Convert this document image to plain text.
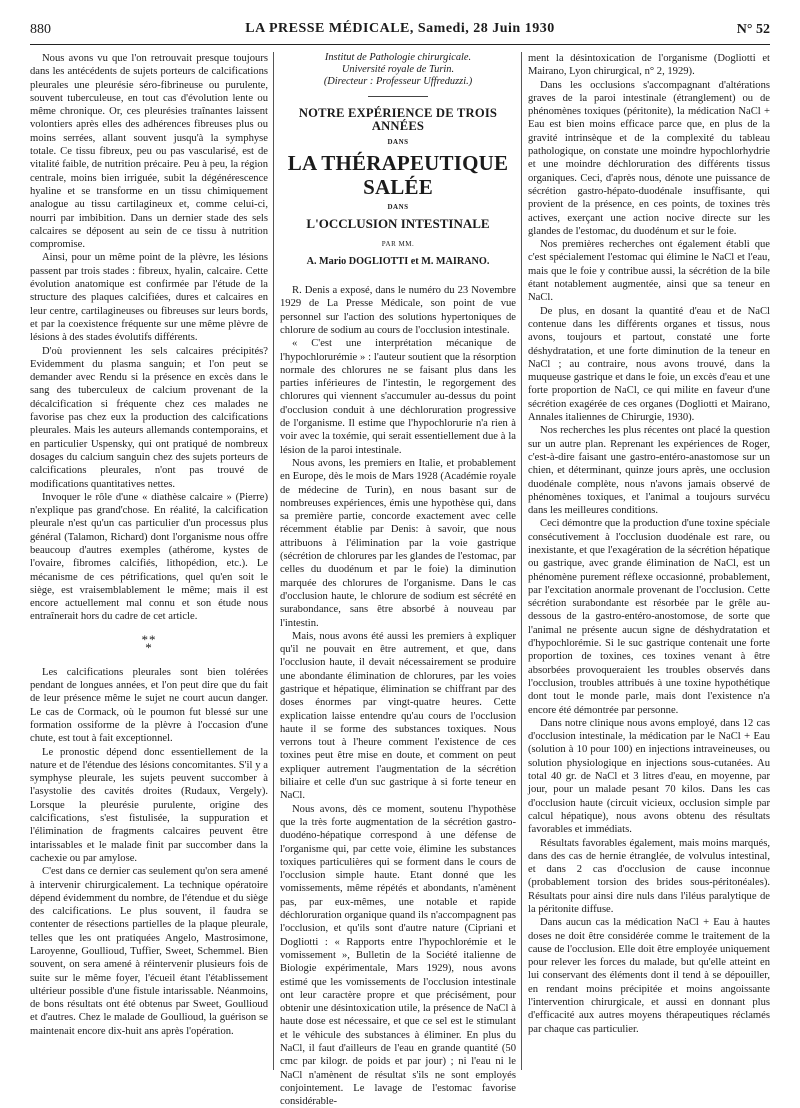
880	LA PRESSE MÉDICALE, Samedi, 28 Juin 1930	N° 52

Nous avons vu que l'on retrouvait presque toujours dans les antécédents de sujets porteurs de calcifications pleurales une pleurésie séro-fibrineuse ou purulente, souvent tuberculeuse, en tout cas d'évolution lente ou même chronique. Or, ces pleurésies traînantes laissent volontiers après elles des adhérences fibreuses plus ou moins serrées, allant souvent jusqu'à la symphyse totale. Ce tissu fibreux, peu ou pas vascularisé, est de vitalité faible, de nutrition précaire. Peu à peu, la région centrale, moins bien irriguée, subit la dégénérescence hyaline et se transforme en un tissu chimiquement analogue au tissu cartilagineux et, comme celui-ci, nourri par imbibition. Dans un dernier stade des sels calcaires se déposent au sein de ce tissu à nutrition compromise.

Ainsi, pour un même point de la plèvre, les lésions passent par trois stades : fibreux, hyalin, calcaire. Cette évolution anatomique est confirmée par l'étude de la structure des plaques calcifiées, dures et calcaires en leur centre, cartilagineuses ou fibreuses sur leurs bords, et par la coexistence fréquente sur une même plèvre de lésions à des stades évolutifs différents.

D'où proviennent les sels calcaires précipités? Evidemment du plasma sanguin; et l'on peut se demander avec Rendu si la présence en excès dans le sang des tuberculeux de calcium provenant de la décalcification si fréquente chez ces malades ne favorise pas chez eux la production des calcifications pleurales. Mais les auteurs allemands contemporains, et en particulier Uspensky, qui ont pratiqué de nombreux dosages du calcium sanguin chez des sujets porteurs de calcifications pleurales, n'ont pas trouvé de modifications quantitatives nettes.

Invoquer le rôle d'une « diathèse calcaire » (Pierre) n'explique pas grand'chose. En réalité, la calcification pleurale n'est qu'un cas particulier d'un processus plus général (Talamon, Richard) dont l'organisme nous offre beaucoup d'autres exemples (athérome, kystes de l'ovaire, fibromes calcifiés, lithopédion, etc.). Le mécanisme de ces pétrifications, quel qu'en soit le siège, est vraisemblablement le même; mais il est encore actuellement mal connu et son étude nous entraînerait hors du cadre de cet article.

**
*

Les calcifications pleurales sont bien tolérées pendant de longues années, et l'on peut dire que du fait de leur présence même le sujet ne court aucun danger. Le cas de Cormack, où le poumon fut blessé sur une formation ossiforme de la plèvre à l'occasion d'une chute, est tout à fait exceptionnel.

Le pronostic dépend donc essentiellement de la nature et de l'étendue des lésions concomitantes. S'il y a symphyse pleurale, les sujets peuvent succomber à l'asystolie des cavités droites (Rudaux, Vergely). Lorsque la pleurésie purulente, origine des calcifications, s'est fistulisée, la suppuration et l'élimination de fragments calcaires peuvent être intarissables et le malade finit par succomber dans la cachexie ou par amylose.

C'est dans ce dernier cas seulement qu'on sera amené à intervenir chirurgicalement. La technique opératoire dépend évidemment du nombre, de l'étendue et du siège des calcifications. Le plus souvent, il faudra se contenter de résections partielles de la plaque pleurale, telles que les ont pratiquées Angelo, Mastrosimone, Laroyenne, Goullioud, Tuffier, Sweet, Schemmel. Bien souvent, on sera amené à réintervenir plusieurs fois de suite sur le même foyer, l'écueil étant l'établissement ultérieur possible d'une fistule intarissable. Néanmoins, de bons résultats ont été obtenus par Sweet, Goullioud et d'autres. Chez le malade de Goullioud, la guérison se maintenait encore dix-huit ans après l'opération.

Institut de Pathologie chirurgicale.

Université royale de Turin.

(Directeur : Professeur Uffreduzzi.)

NOTRE EXPÉRIENCE DE TROIS ANNÉES
DANS
LA THÉRAPEUTIQUE SALÉE
DANS
L'OCCLUSION INTESTINALE
PAR MM.
A. Mario DOGLIOTTI et M. MAIRANO.

R. Denis a exposé, dans le numéro du 23 Novembre 1929 de La Presse Médicale, son point de vue personnel sur l'action des solutions hypertoniques de chlorure de sodium au cours de l'occlusion intestinale.

« C'est une interprétation mécanique de l'hypochlorurémie » : l'auteur soutient que la résorption normale des chlorures ne se faisant plus dans les parties inférieures de l'intestin, le regorgement des chlorures qui viennent s'accumuler au-dessus du point d'occlusion conduit à une déchloruration progressive de l'organisme. Il estime que l'hypochlorurie n'a rien à voir avec la toxémie, qui serait essentiellement due à la lésion de la paroi intestinale.

Nous avons, les premiers en Italie, et probablement en Europe, dès le mois de Mars 1928 (Académie royale de médecine de Turin), en nous basant sur de nombreuses expériences, émis une hypothèse qui, dans sa première partie, concorde exactement avec celle récemment établie par Denis: à savoir, que nous attribuons à l'élimination par la voie gastrique (sécrétion de chlorures par les glandes de l'estomac, par celles du duodénum et par le foie) la diminution marquée des chlorures de l'organisme. Dans le cas d'occlusion haute, le chlorure de sodium est sécrété en surabondance, sans être absorbé à nouveau par l'intestin.

Mais, nous avons été aussi les premiers à expliquer qu'il ne pouvait en être autrement, et que, dans l'occlusion haute, il devait nécessairement se produire une abondante élimination de chlorures, par les voies gastrique et hépatique, élimination se chiffrant par des doses énormes par vingt-quatre heures. Cette explication laisse entendre qu'au cours de l'occlusion haute il se forme des substances toxiques. Nous verrons tout à l'heure comment l'existence de ces toxines peut être mise en doute, et comment on peut expliquer autrement l'augmentation de la sécrétion biliaire et celle d'un suc gastrique à si forte teneur en NaCl.

Nous avons, dès ce moment, soutenu l'hypothèse que la très forte augmentation de la sécrétion gastro-duodéno-hépatique correspond à une défense de l'organisme qui, par cette voie, élimine les substances toxiques particulières qui se forment dans le cours de l'occlusion simple haute. Etant donné que les vomissements, même répétés et abondants, n'amènent pas, par eux-mêmes, une notable et rapide déchloruration organique quand ils n'accompagnent pas l'occlusion, et qu'ils sont d'autre nature (Cipriani et Dogliotti : « Rapports entre l'hypochlorémie et le vomissement », Bulletin de la Société italienne de Biologie expérimentale, Mars 1929), nous avons estimé que les vomissements de l'occlusion intestinale ont leur caractère propre et que précisément, pour obtenir une désintoxication utile, la présence de NaCl à haute dose est nécessaire, et que ce sel est le stimulant et le véhicule des substances à éliminer. En plus du NaCl, il faut d'ailleurs de l'eau en grande quantité (50 cmc par kilogr. de poids et par jour) ; ni l'eau ni le NaCl n'amènent de résultat s'ils ne sont employés conjointement. Le lavage de l'estomac favorise considérable-

ment la désintoxication de l'organisme (Dogliotti et Mairano, Lyon chirurgical, n° 2, 1929).

Dans les occlusions s'accompagnant d'altérations graves de la paroi intestinale (étranglement) ou de phénomènes toxiques (péritonite), la médication NaCl + Eau est bien moins efficace parce que, en plus de la gravité intrinsèque et de la complexité du tableau pathologique, on constate une moindre hypochlorhydrie et une moindre déchloruration des différents tissus organiques. Ceci, d'après nous, dénote une puissance de sécrétion gastro-hépato-duodénale insuffisante, qui provient de la présence, en ces points, de toxines très actives, exerçant une action nocive directe sur les glandes de l'estomac, du duodénum et sur le foie.

Nos premières recherches ont également établi que c'est spécialement l'estomac qui élimine le NaCl et l'eau, mais que le foie y contribue aussi, la sécrétion de la bile étant notablement augmentée, ainsi que sa teneur en NaCl.

De plus, en dosant la quantité d'eau et de NaCl contenue dans les différents organes et tissus, nous avons, toujours et partout, constaté une forte déshydratation, et une forte diminution de la teneur en NaCl ; au contraire, nous avons trouvé, dans la muqueuse gastrique et dans le foie, un excès d'eau et une forte proportion de NaCl, ce qui milite en faveur d'une sécrétion exagérée de ces organes (Dogliotti et Mairano, Annales italiennes de Chirurgie, 1930).

Nos recherches les plus récentes ont placé la question sur un autre plan. Reprenant les expériences de Roger, c'est-à-dire faisant une gastro-entéro-anastomose sur un chien, et déterminant, quinze jours après, une occlusion duodénale complète, nous n'avons jamais observé de phénomènes toxiques, et l'animal a toujours survécu dans les meilleures conditions.

Ceci démontre que la production d'une toxine spéciale consécutivement à l'occlusion duodénale est rare, ou inexistante, et que l'exagération de la sécrétion hépatique ou gastrique, avec grande élimination de NaCl, est un phénomène purement réflexe occasionné, probablement, par l'excitation anormale provenant de l'occlusion. Cette sécrétion surabondante est résorbée par le grêle au-dessous de la gastro-entéro-anostomose, de sorte que l'animal ne présente aucun signe de déshydratation et d'hypochlorémie. Si le suc gastrique contenait une forte proportion de toxines, ces toxines venant à être absorbées provoqueraient les troubles observés dans l'occlusion, troubles attribués à une toxine hypothétique dont tout le monde parle, mais dont l'existence n'a encore été démontrée par personne.

Dans notre clinique nous avons employé, dans 12 cas d'occlusion intestinale, la médication par le NaCl + Eau (solution à 10 pour 100) en injections intraveineuses, ou solution physiologique en injections sous-cutanées. Au total 40 gr. de NaCl et 3 litres d'eau, en moyenne, par jour, pour un malade pesant 70 kilos. Dans les cas d'occlusion haute (circuit vicieux, occlusion simple par calcul hépatique), nous avons obtenu des résultats favorables et immédiats.

Résultats favorables également, mais moins marqués, dans des cas de hernie étranglée, de volvulus intestinal, et dans 2 cas d'occlusion de cause inconnue (probablement torsion des brides sous-péritonéales). Résultats pour ainsi dire nuls dans l'iléus paralytique de la péritonite diffuse.

Dans aucun cas la médication NaCl + Eau à hautes doses ne doit être considérée comme le traitement de la cause de l'occlusion. Elle doit être employée uniquement pour relever les forces du malade, but qu'elle atteint en lui conservant des éléments dont il tend à se dépouiller, en rendant moins précipitée et moins angoissante l'intervention chirurgicale, et aussi en donnant plus d'efficacité aux autres moyens thérapeutiques réclamés par chaque cas particulier.
